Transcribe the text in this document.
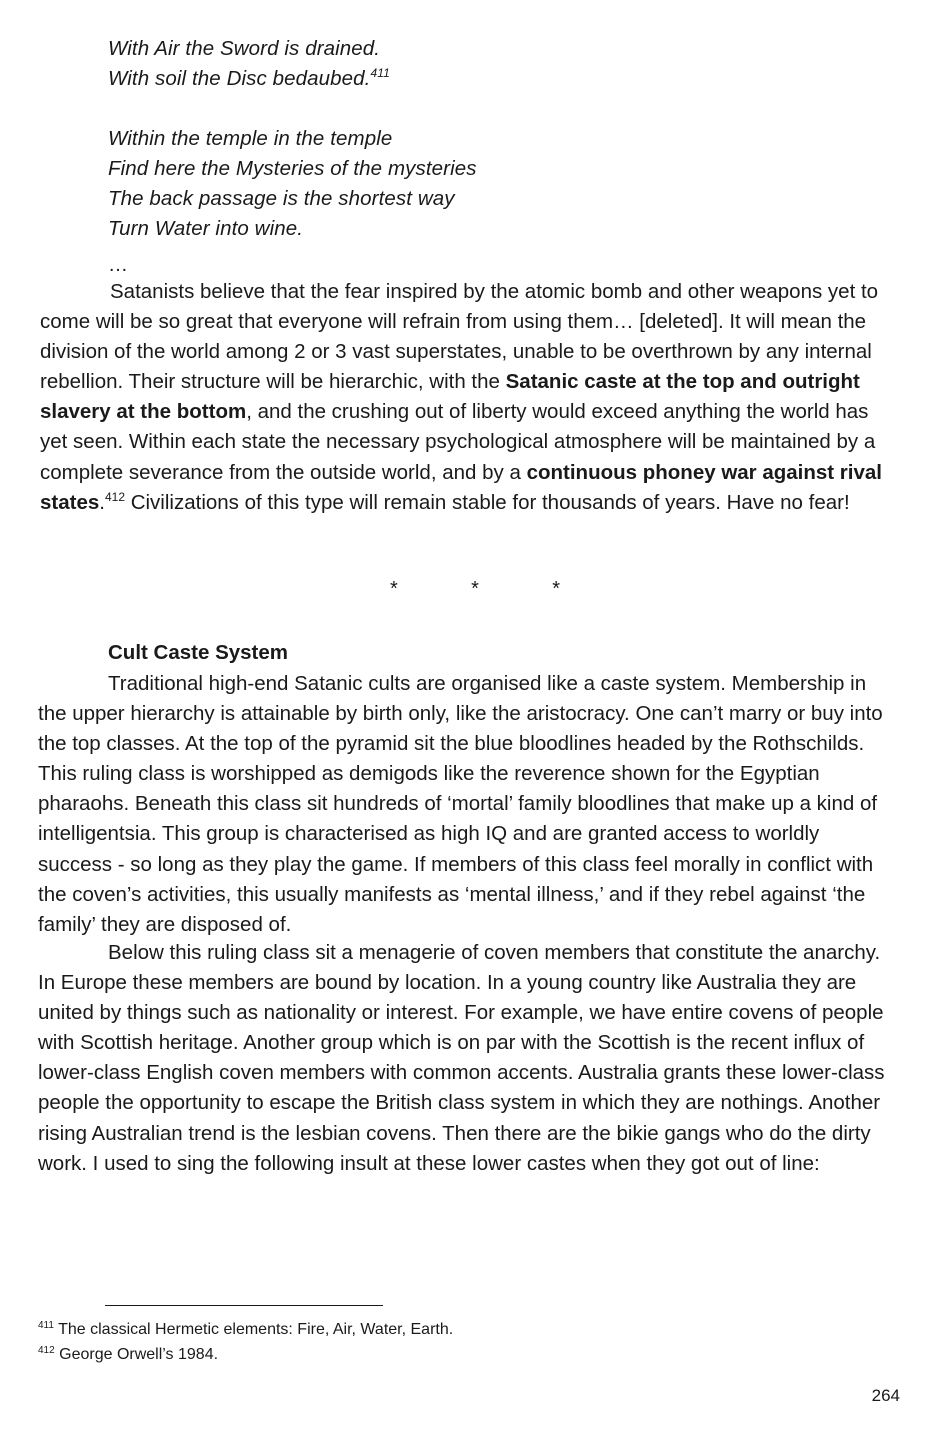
With Air the Sword is drained.
With soil the Disc bedaubed.$^{411}$
Within the temple in the temple
Find here the Mysteries of the mysteries
The back passage is the shortest way
Turn Water into wine.
…

Satanists believe that the fear inspired by the atomic bomb and other weapons yet to come will be so great that everyone will refrain from using them… [deleted]. It will mean the division of the world among 2 or 3 vast superstates, unable to be overthrown by any internal rebellion. Their structure will be hierarchic, with the Satanic caste at the top and outright slavery at the bottom, and the crushing out of liberty would exceed anything the world has yet seen. Within each state the necessary psychological atmosphere will be maintained by a complete severance from the outside world, and by a continuous phoney war against rival states.$^{412}$ Civilizations of this type will remain stable for thousands of years. Have no fear!

*	*	*
Cult Caste System

Traditional high-end Satanic cults are organised like a caste system. Membership in the upper hierarchy is attainable by birth only, like the aristocracy. One can’t marry or buy into the top classes. At the top of the pyramid sit the blue bloodlines headed by the Rothschilds. This ruling class is worshipped as demigods like the reverence shown for the Egyptian pharaohs. Beneath this class sit hundreds of ‘mortal’ family bloodlines that make up a kind of intelligentsia. This group is characterised as high IQ and are granted access to worldly success - so long as they play the game. If members of this class feel morally in conflict with the coven’s activities, this usually manifests as ‘mental illness,’ and if they rebel against ‘the family’ they are disposed of.

Below this ruling class sit a menagerie of coven members that constitute the anarchy. In Europe these members are bound by location. In a young country like Australia they are united by things such as nationality or interest. For example, we have entire covens of people with Scottish heritage. Another group which is on par with the Scottish is the recent influx of lower-class English coven members with common accents. Australia grants these lower-class people the opportunity to escape the British class system in which they are nothings. Another rising Australian trend is the lesbian covens. Then there are the bikie gangs who do the dirty work. I used to sing the following insult at these lower castes when they got out of line:

$^{411}$ The classical Hermetic elements: Fire, Air, Water, Earth.

$^{412}$ George Orwell’s 1984.

264
